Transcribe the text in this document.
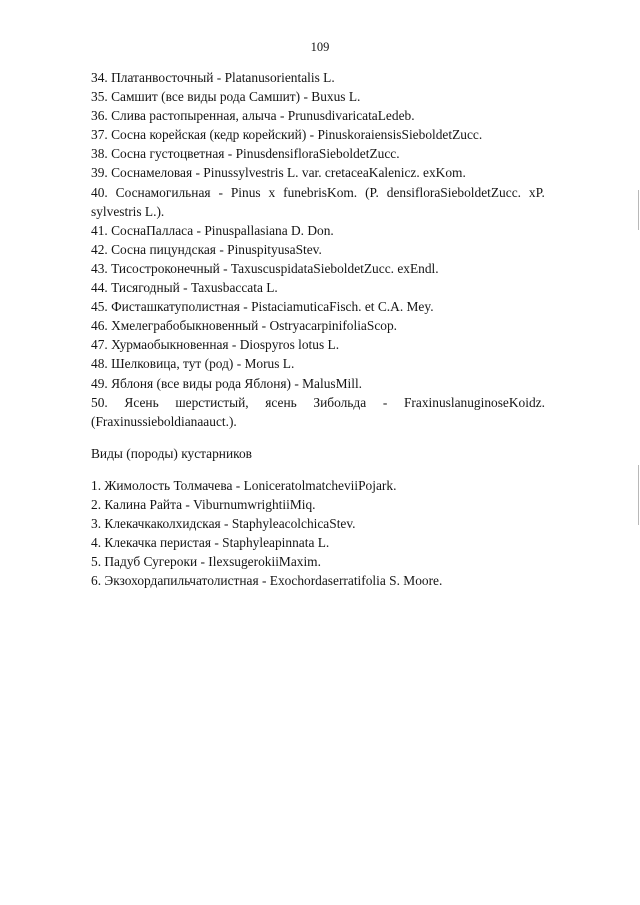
109
34. Платанвосточный - Platanusorientalis L.
35. Самшит (все виды рода Самшит) - Buxus L.
36. Слива растопыренная, алыча - PrunusdivaricataLedeb.
37. Сосна корейская (кедр корейский) - PinuskoraiensisSieboldetZucc.
38. Сосна густоцветная - PinusdensifloraSieboldetZucc.
39. Соснамеловая - Pinussylvestris L. var. cretaceaKalenicz. exKom.
40. Соснамогильная - Pinus x funebrisKom. (P. densifloraSieboldetZucc. xP.
sylvestris L.).
41. СоснаПалласа - Pinuspallasiana D. Don.
42. Сосна пицундская - PinuspityusaStev.
43. Тисостроконечный - TaxuscuspidataSieboldetZucc. exEndl.
44. Тисягодный - Taxusbaccata L.
45. Фисташкатуполистная - PistaciamuticaFisch. et C.A. Mey.
46. Хмелеграбобыкновенный - OstryacarpinifoliaScop.
47. Хурмаобыкновенная - Diospyros lotus L.
48. Шелковица, тут (род) - Morus L.
49. Яблоня (все виды рода Яблоня) - MalusMill.
50. Ясень шерстистый, ясень Зибольда - FraxinuslanuginoseKoidz.
(Fraxinussieboldianaauct.).
Виды (породы) кустарников
1. Жимолость Толмачева - LoniceratolmatcheviiPojark.
2. Калина Райта - ViburnumwrightiiMiq.
3. Клекачкаколхидская - StaphyleacolchicaStev.
4. Клекачка перистая - Staphyleapinnata L.
5. Падуб Сугероки - IlexsugerokiiMaxim.
6. Экзохордапильчатолистная - Exochordaserratifolia S. Moore.
